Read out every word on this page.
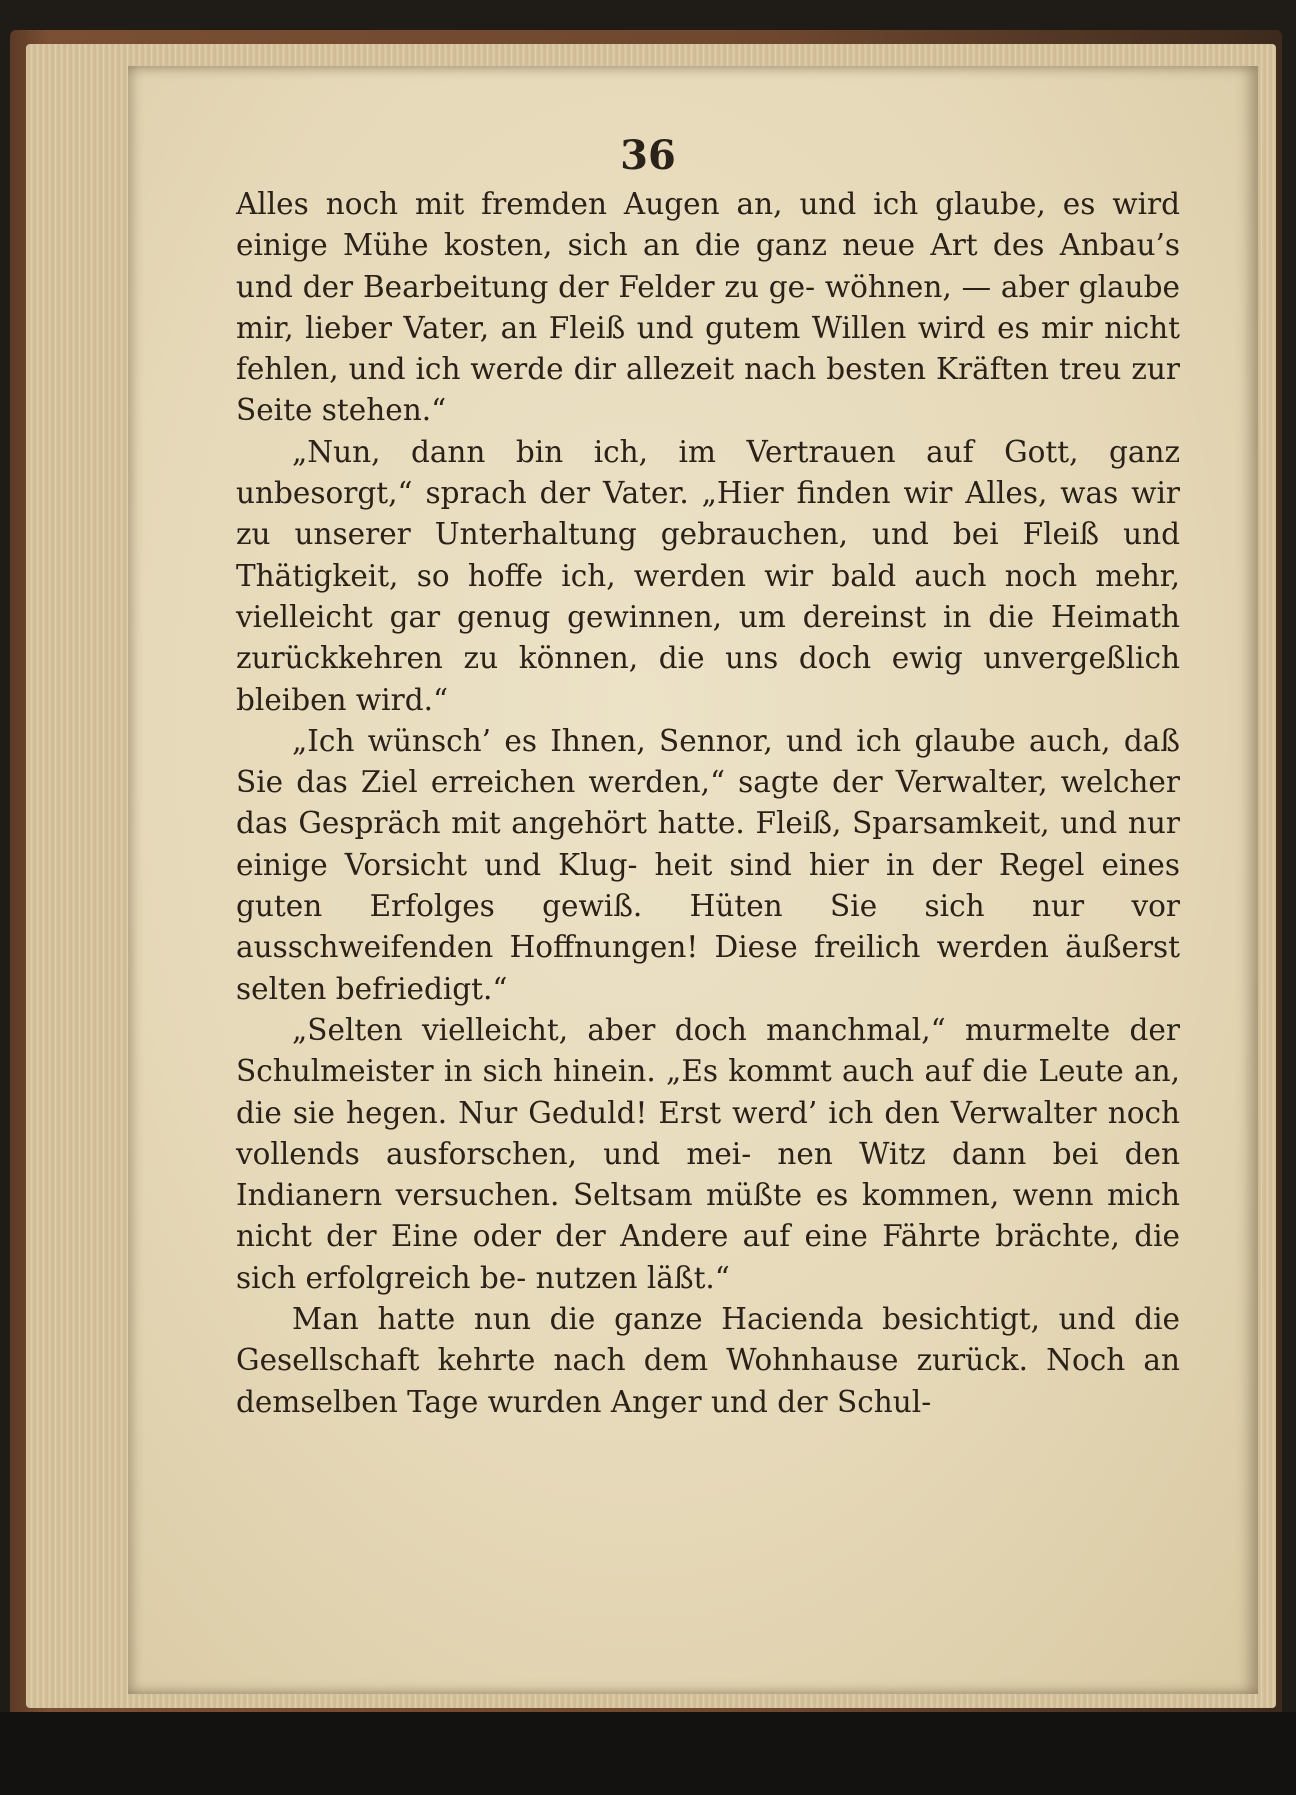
36

Alles noch mit fremden Augen an, und ich glaube, es wird einige Mühe kosten, sich an die ganz neue Art des Anbau’s und der Bearbeitung der Felder zu ge- wöhnen, — aber glaube mir, lieber Vater, an Fleiß und gutem Willen wird es mir nicht fehlen, und ich werde dir allezeit nach besten Kräften treu zur Seite stehen.“

„Nun, dann bin ich, im Vertrauen auf Gott, ganz unbesorgt,“ sprach der Vater. „Hier finden wir Alles, was wir zu unserer Unterhaltung gebrauchen, und bei Fleiß und Thätigkeit, so hoffe ich, werden wir bald auch noch mehr, vielleicht gar genug gewinnen, um dereinst in die Heimath zurückkehren zu können, die uns doch ewig unvergeßlich bleiben wird.“

„Ich wünsch’ es Ihnen, Sennor, und ich glaube auch, daß Sie das Ziel erreichen werden,“ sagte der Verwalter, welcher das Gespräch mit angehört hatte. Fleiß, Sparsamkeit, und nur einige Vorsicht und Klug- heit sind hier in der Regel eines guten Erfolges gewiß. Hüten Sie sich nur vor ausschweifenden Hoffnungen! Diese freilich werden äußerst selten befriedigt.“

„Selten vielleicht, aber doch manchmal,“ murmelte der Schulmeister in sich hinein. „Es kommt auch auf die Leute an, die sie hegen. Nur Geduld! Erst werd’ ich den Verwalter noch vollends ausforschen, und mei- nen Witz dann bei den Indianern versuchen. Seltsam müßte es kommen, wenn mich nicht der Eine oder der Andere auf eine Fährte brächte, die sich erfolgreich be- nutzen läßt.“

Man hatte nun die ganze Hacienda besichtigt, und die Gesellschaft kehrte nach dem Wohnhause zurück. Noch an demselben Tage wurden Anger und der Schul-
